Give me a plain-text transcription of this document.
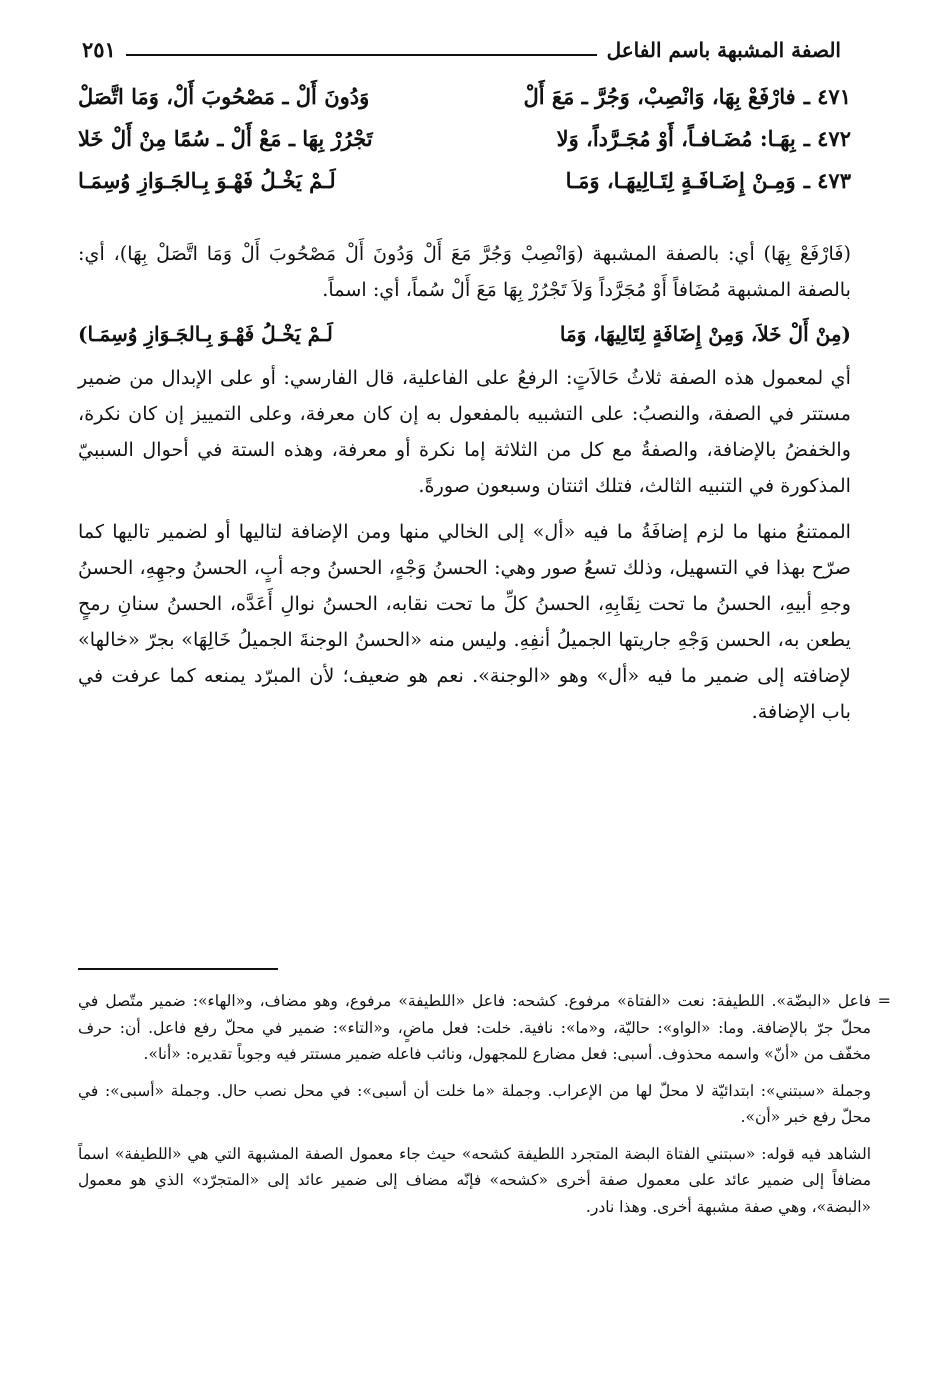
الصفة المشبهة باسم الفاعل
٢٥١
٤٧١ ـ
فارْفَعْ بِهَا، وَانْصِبْ، وَجُرَّ ـ مَعَ أَلْ
وَدُونَ أَلْ ـ مَصْحُوبَ أَلْ، وَمَا اتَّصَلْ
٤٧٢ ـ
بِهَـا: مُضَـافـاً، أَوْ مُجَـرَّداً، وَلا
تَجْرُرْ بِهَا ـ مَعْ أَلْ ـ سُمًا مِنْ أَلْ خَلا
٤٧٣ ـ
وَمِـنْ إِضَـافَـةٍ لِتَـالِيهَـا، وَمَـا
لَـمْ يَخْـلُ فَهْـوَ بِـالجَـوَازِ وُسِمَـا

(فَارْفَعْ بِهَا) أي: بالصفة المشبهة (وَانْصِبْ وَجُرَّ مَعَ أَلْ وَدُونَ أَلْ مَصْحُوبَ أَلْ وَمَا اتَّصَلْ بِهَا)، أي: بالصفة المشبهة مُضَافاً أَوْ مُجَرَّداً وَلاَ تَجْرُرْ بِهَا مَعَ أَلْ سُماً، أي: اسماً.

(مِنْ أَلْ خَلاَ، وَمِنْ إِضَافَةٍ لِتَالِيهَا، وَمَا
لَـمْ يَخْـلُ فَهْـوَ بِـالجَـوَازِ وُسِمَـا)

أي لمعمول هذه الصفة ثلاثُ حَالاَتٍ: الرفعُ على الفاعلية، قال الفارسي: أو على الإبدال من ضمير مستتر في الصفة، والنصبُ: على التشبيه بالمفعول به إن كان معرفة، وعلى التمييز إن كان نكرة، والخفضُ بالإضافة، والصفةُ مع كل من الثلاثة إما نكرة أو معرفة، وهذه الستة في أحوال السببيّ المذكورة في التنبيه الثالث، فتلك اثنتان وسبعون صورةً.

الممتنعُ منها ما لزم إضافَةُ ما فيه «أل» إلى الخالي منها ومن الإضافة لتاليها أو لضمير تاليها كما صرّح بهذا في التسهيل، وذلك تسعُ صور وهي: الحسنُ وَجْهٍ، الحسنُ وجه أبٍ، الحسنُ وجهِهِ، الحسنُ وجهِ أبيهِ، الحسنُ ما تحت نِقَابِهِ، الحسنُ كلِّ ما تحت نقابه، الحسنُ نوالِ أَعَدَّه، الحسنُ سنانِ رمحٍ يطعن به، الحسن وَجْهِ جاريتها الجميلُ أنفِهِ. وليس منه «الحسنُ الوجنةَ الجميلُ خَالِهَا» بجرّ «خالها» لإضافته إلى ضمير ما فيه «أل» وهو «الوجنة». نعم هو ضعيف؛ لأن المبرّد يمنعه كما عرفت في باب الإضافة.

=

فاعل «البضّة». اللطيفة: نعت «الفتاة» مرفوع. كشحه: فاعل «اللطيفة» مرفوع، وهو مضاف، و«الهاء»: ضمير متّصل في محلّ جرّ بالإضافة. وما: «الواو»: حاليّة، و«ما»: نافية. خلت: فعل ماضٍ، و«التاء»: ضمير في محلّ رفع فاعل. أن: حرف مخفّف من «أنّ» واسمه محذوف. أسبى: فعل مضارع للمجهول، ونائب فاعله ضمير مستتر فيه وجوباً تقديره: «أنا».

وجملة «سبتني»: ابتدائيّة لا محلّ لها من الإعراب. وجملة «ما خلت أن أسبى»: في محل نصب حال. وجملة «أسبى»: في محلّ رفع خبر «أن».

الشاهد فيه قوله: «سبتني الفتاة البضة المتجرد اللطيفة كشحه» حيث جاء معمول الصفة المشبهة التي هي «اللطيفة» اسماً مضافاً إلى ضمير عائد على معمول صفة أخرى «كشحه» فإنّه مضاف إلى ضمير عائد إلى «المتجرّد» الذي هو معمول «البضة»، وهي صفة مشبهة أخرى. وهذا نادر.
